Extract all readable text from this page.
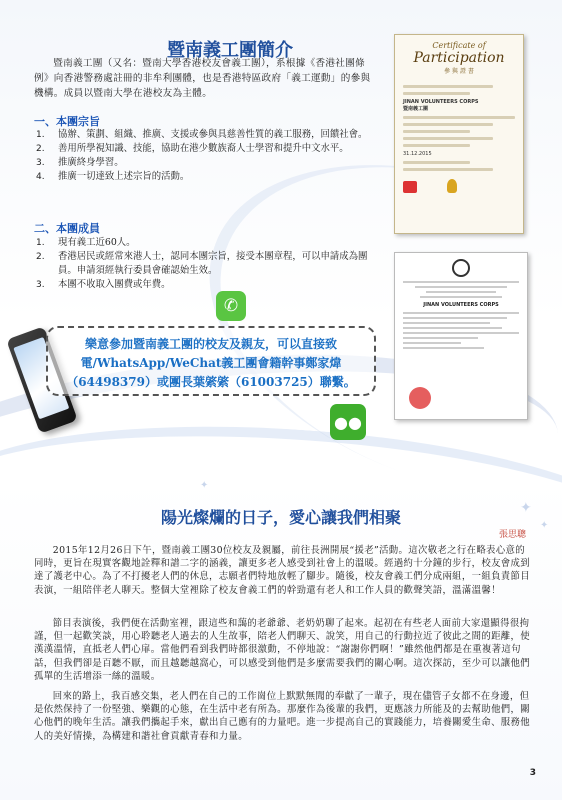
✦
✦
✦
暨南義工團簡介

暨南義工團（又名：暨南大學香港校友會義工團），系根據《香港社團條例》向香港警務處註冊的非牟利團體，也是香港特區政府「義工運動」的參與機構。成員以暨南大學在港校友為主體。

一、本團宗旨
1.	協辦、策劃、組織、推廣、支援或參與具慈善性質的義工服務，回饋社會。
2.	善用所學視知識、技能，協助在港少數族裔人士學習和提升中文水平。
3.	推廣終身學習。
4.	推廣一切達致上述宗旨的活動。
二、本團成員
1.	現有義工近60人。
2.	香港居民或經常來港人士，認同本團宗旨，接受本團章程，可以申請成為團員。申請須經執行委員會確認始生效。
3.	本團不收取入團費或年費。
Certificate of
Participation
參 與 證 書
JINAN VOLUNTEERS CORPS
暨南義工團
31.12.2015
JINAN VOLUNTEERS CORPS
✆
樂意參加暨南義工團的校友及親友，可以直接致電/WhatsApp/WeChat義工團會籍幹事鄭家煒（64498379）或團長葉綮綮（61003725）聯繫。
●●
陽光燦爛的日子，愛心讓我們相聚
張思聰

2015年12月26日下午，暨南義工團30位校友及親屬，前往長洲開展“援老”活動。這次敬老之行在略表心意的同時，更旨在現實客觀地詮釋和譜二字的涵義，讓更多老人感受到社會上的溫暖。經過約十分鐘的步行，校友會成到達了護老中心。為了不打擾老人們的休息，志願者們特地放輕了腳步。隨後，校友會義工們分成兩組，一組負責節目表演，一組陪伴老人聊天。整個大堂裡除了校友會義工們的幹勁還有老人和工作人員的歡聲笑語，溫滿溫馨！

節目表演後，我們便在活動室裡，跟這些和藹的老爺爺、老奶奶聊了起來。起初在有些老人面前大家還顯得很拘謹，但一起歡笑談，用心聆聽老人過去的人生故事，陪老人們聊天、說笑，用自己的行動拉近了彼此之間的距離，使漢漢溫情，直抵老人們心扉。當他們看到我們時都很激動，不停地說：“謝謝你們啊！”雖然他們都是在重複著這句話，但我們卻是百聽不厭，而且越聽越窩心，可以感受到他們是多麼需要我們的關心啊。這次探訪，至少可以讓他們孤單的生活增添一絲的溫暖。

回來的路上，我百感交集，老人們在自己的工作崗位上默默無聞的奉獻了一輩子，現在儘管子女都不在身邊，但是依然保持了一份堅強、樂觀的心態，在生活中老有所為。那麼作為後輩的我們，更應該力所能及的去幫助他們，關心他們的晚年生活。讓我們攜起手來，獻出自己應有的力量吧。進一步提高自己的實踐能力，培養關愛生命、服務他人的美好情操，為構建和諧社會貢獻青春和力量。

3
